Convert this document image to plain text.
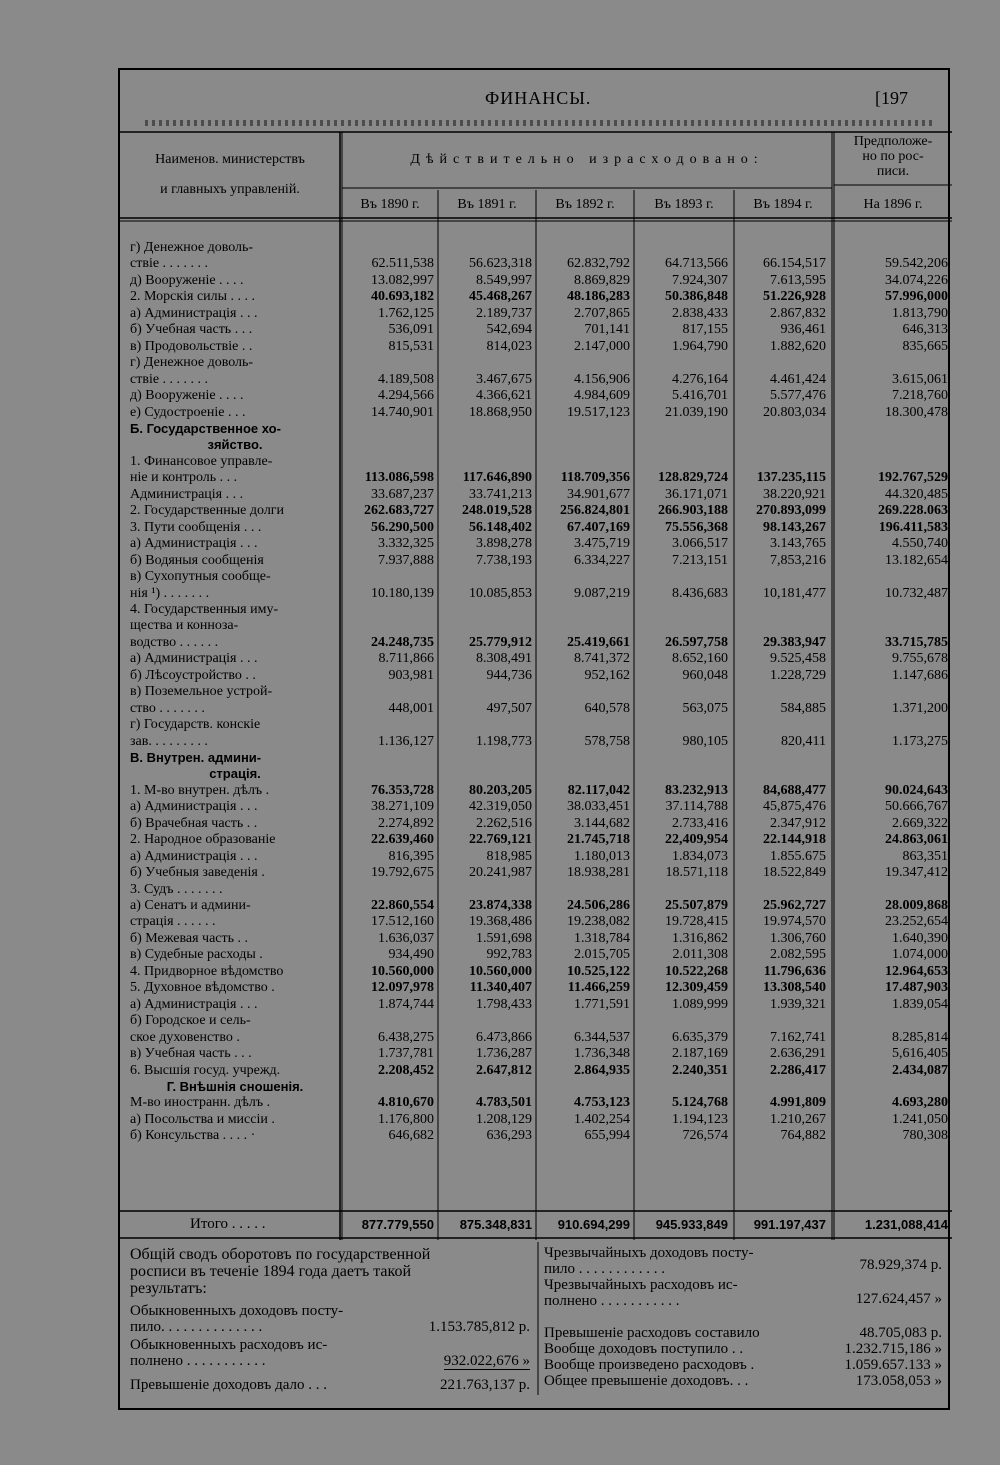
ФИНАНСЫ.	[197
Наименов. министерствъ
и главныхъ управленій.
Дѣйствительно израсходовано:
Предположе-
но по рос-
писи.
Въ 1890 г.	Въ 1891 г.	Въ 1892 г.	Въ 1893 г.	Въ 1894 г.	На 1896 г.
г) Денежное доволь-
ствіе . . . . . . .	62.511,538	56.623,318	62.832,792	64.713,566	66.154,517	59.542,206
д) Вооруженіе . . . .	13.082,997	8.549,997	8.869,829	7.924,307	7.613,595	34.074,226
2. Морскія силы . . . .	40.693,182	45.468,267	48.186,283	50.386,848	51.226,928	57.996,000
а) Администрація . . .	1.762,125	2.189,737	2.707,865	2.838,433	2.867,832	1.813,790
б) Учебная часть . . .	536,091	542,694	701,141	817,155	936,461	646,313
в) Продовольствіе . .	815,531	814,023	2.147,000	1.964,790	1.882,620	835,665
г) Денежное доволь-
ствіе . . . . . . .	4.189,508	3.467,675	4.156,906	4.276,164	4.461,424	3.615,061
д) Вооруженіе . . . .	4.294,566	4.366,621	4.984,609	5.416,701	5.577,476	7.218,760
е) Судостроеніе . . .	14.740,901	18.868,950	19.517,123	21.039,190	20.803,034	18.300,478
Б. Государственное хо-
зяйство.
1. Финансовое управле-
ніе и контроль . . .	113.086,598	117.646,890	118.709,356	128.829,724	137.235,115	192.767,529
Администрація . . .	33.687,237	33.741,213	34.901,677	36.171,071	38.220,921	44.320,485
2. Государственные долги	262.683,727	248.019,528	256.824,801	266.903,188	270.893,099	269.228.063
3. Пути сообщенія . . .	56.290,500	56.148,402	67.407,169	75.556,368	98.143,267	196.411,583
а) Администрація . . .	3.332,325	3.898,278	3.475,719	3.066,517	3.143,765	4.550,740
б) Водяныя сообщенія	7.937,888	7.738,193	6.334,227	7.213,151	7,853,216	13.182,654
в) Сухопутныя сообще-
нія ¹) . . . . . . .	10.180,139	10.085,853	9.087,219	8.436,683	10,181,477	10.732,487
4. Государственныя иму-
щества и конноза-
водство . . . . . .	24.248,735	25.779,912	25.419,661	26.597,758	29.383,947	33.715,785
а) Администрація . . .	8.711,866	8.308,491	8.741,372	8.652,160	9.525,458	9.755,678
б) Лѣсоустройство . .	903,981	944,736	952,162	960,048	1.228,729	1.147,686
в) Поземельное устрой-
ство . . . . . . .	448,001	497,507	640,578	563,075	584,885	1.371,200
г) Государств. конскіе
зав. . . . . . . . .	1.136,127	1.198,773	578,758	980,105	820,411	1.173,275
В. Внутрен. админи-
страція.
1. М-во внутрен. дѣлъ .	76.353,728	80.203,205	82.117,042	83.232,913	84,688,477	90.024,643
а) Администрація . . .	38.271,109	42.319,050	38.033,451	37.114,788	45,875,476	50.666,767
б) Врачебная часть . .	2.274,892	2.262,516	3.144,682	2.733,416	2.347,912	2.669,322
2. Народное образованіе	22.639,460	22.769,121	21.745,718	22,409,954	22.144,918	24.863,061
а) Администрація . . .	816,395	818,985	1.180,013	1.834,073	1.855.675	863,351
б) Учебныя заведенія .	19.792,675	20.241,987	18.938,281	18.571,118	18.522,849	19.347,412
3. Судъ . . . . . . .
а) Сенатъ и админи-	22.860,554	23.874,338	24.506,286	25.507,879	25.962,727	28.009,868
страція . . . . . .	17.512,160	19.368,486	19.238,082	19.728,415	19.974,570	23.252,654
б) Межевая часть . .	1.636,037	1.591,698	1.318,784	1.316,862	1.306,760	1.640,390
в) Судебные расходы .	934,490	992,783	2.015,705	2.011,308	2.082,595	1.074,000
4. Придворное вѣдомство	10.560,000	10.560,000	10.525,122	10.522,268	11.796,636	12.964,653
5. Духовное вѣдомство .	12.097,978	11.340,407	11.466,259	12.309,459	13.308,540	17.487,903
а) Администрація . . .	1.874,744	1.798,433	1.771,591	1.089,999	1.939,321	1.839,054
б) Городское и сель-
ское духовенство .	6.438,275	6.473,866	6.344,537	6.635,379	7.162,741	8.285,814
в) Учебная часть . . .	1.737,781	1.736,287	1.736,348	2.187,169	2.636,291	5,616,405
6. Высшія госуд. учрежд.	2.208,452	2.647,812	2.864,935	2.240,351	2.286,417	2.434,087
Г. Внѣшнія сношенія.
М-во иностранн. дѣлъ .	4.810,670	4.783,501	4.753,123	5.124,768	4.991,809	4.693,280
а) Посольства и миссіи .	1.176,800	1.208,129	1.402,254	1.194,123	1.210,267	1.241,050
б) Консульства . . . . ·	646,682	636,293	655,994	726,574	764,882	780,308
Итого . . . . .	877.779,550	875.348,831	910.694,299	945.933,849	991.197,437	1.231,088,414
Общій сводъ оборотовъ по государственной
росписи въ теченіе 1894 года даетъ такой
результатъ:
Обыкновенныхъ доходовъ посту-
пило. . . . . . . . . . . . . .	1.153.785,812 р.
Обыкновенныхъ расходовъ ис-
полнено . . . . . . . . . . .	932.022,676 »
Превышеніе доходовъ дало . . .	221.763,137 р.
Чрезвычайныхъ доходовъ посту-
пило . . . . . . . . . . . .	78.929,374 р.
Чрезвычайныхъ расходовъ ис-
полнено . . . . . . . . . . .	127.624,457 »
Превышеніе расходовъ составило	48.705,083 р.
Вообще доходовъ поступило . .	1.232.715,186 »
Вообще произведено расходовъ .	1.059.657.133 »
Общее превышеніе доходовъ. . .	173.058,053 »
